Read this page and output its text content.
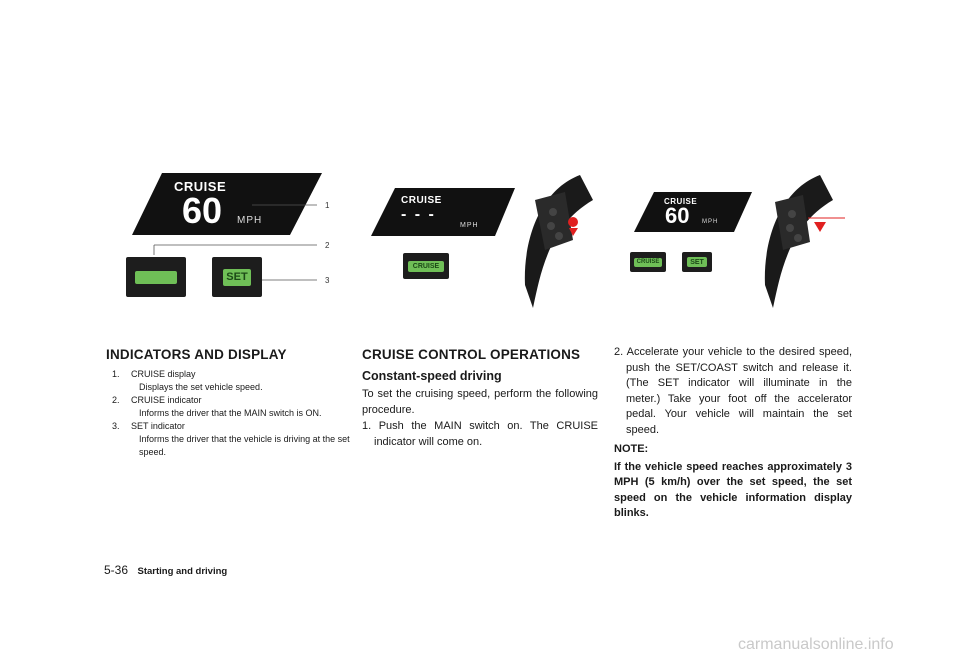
CRUISE
60 MPH
SET
1
2
3
CRUISE
- - -
MPH
CRUISE
CRUISE
60 MPH
CRUISE	SET
INDICATORS AND DISPLAY
1. CRUISE display
Displays the set vehicle speed.
2. CRUISE indicator
Informs the driver that the MAIN switch is ON.
3. SET indicator
Informs the driver that the vehicle is driving at the set speed.
CRUISE CONTROL OPERATIONS
Constant-speed driving
To set the cruising speed, perform the following procedure.
1. Push the MAIN switch on. The CRUISE indicator will come on.
2. Accelerate your vehicle to the desired speed, push the SET/COAST switch and release it. (The SET indicator will illuminate in the meter.) Take your foot off the accelerator pedal. Your vehicle will maintain the set speed.
NOTE:
If the vehicle speed reaches approximately 3 MPH (5 km/h) over the set speed, the set speed on the vehicle information display blinks.
5-36 Starting and driving
carmanualsonline.info
